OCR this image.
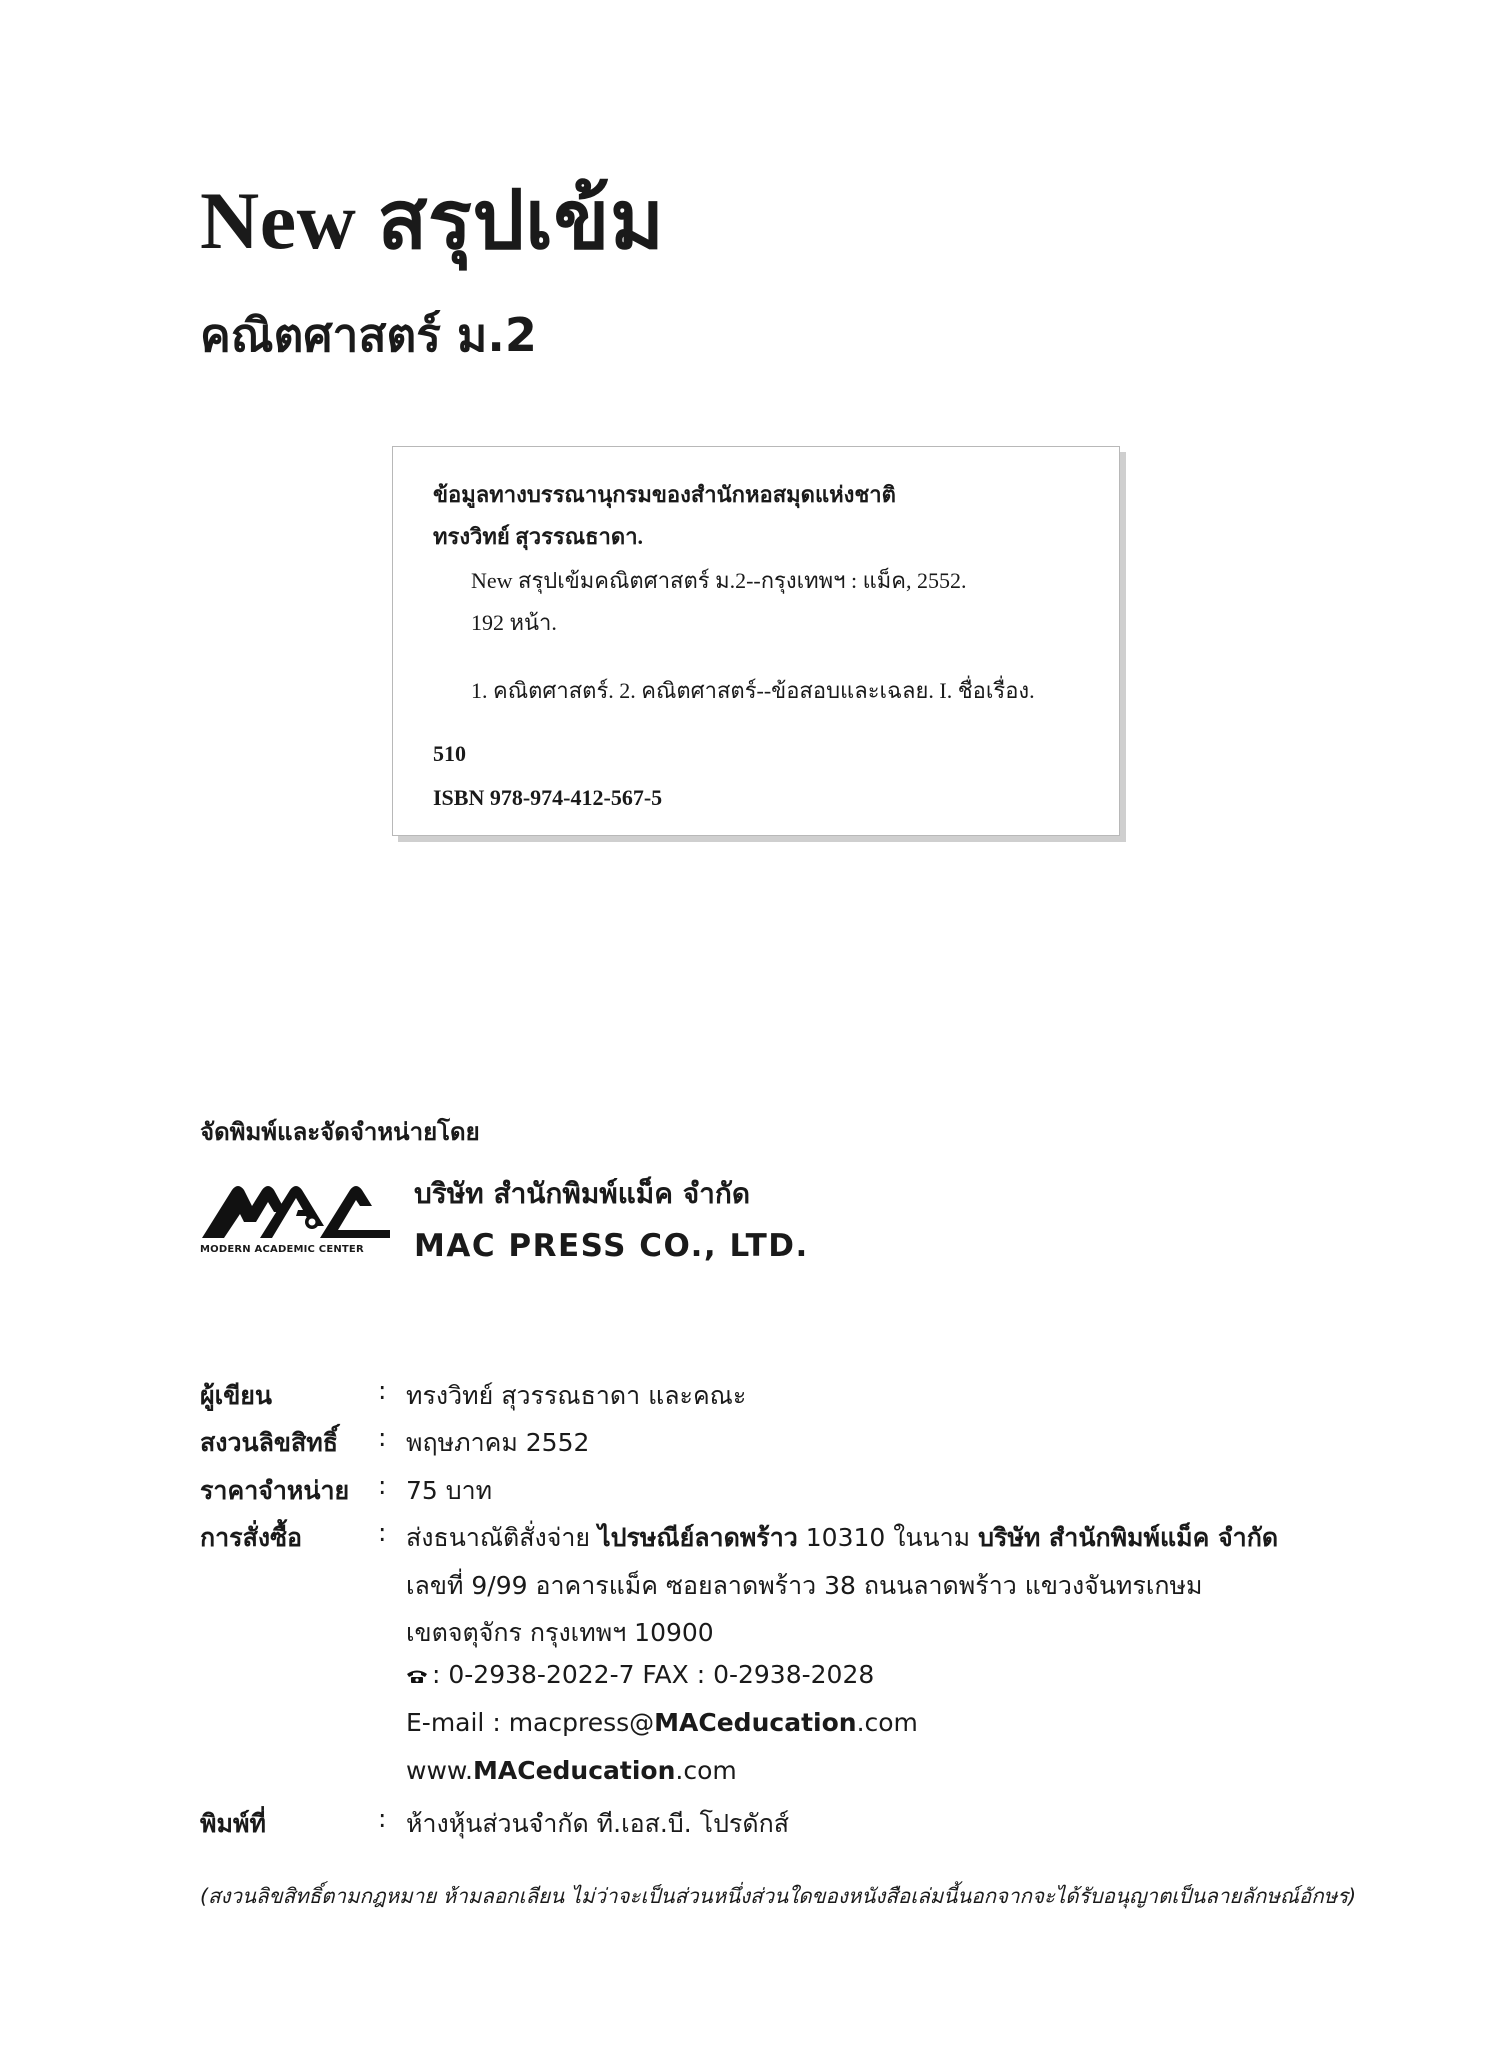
New สรุปเข้ม
คณิตศาสตร์ ม.2
ข้อมูลทางบรรณานุกรมของสำนักหอสมุดแห่งชาติ
ทรงวิทย์ สุวรรณธาดา.
New สรุปเข้มคณิตศาสตร์ ม.2--กรุงเทพฯ : แม็ค, 2552.
192 หน้า.
1. คณิตศาสตร์. 2. คณิตศาสตร์--ข้อสอบและเฉลย. I. ชื่อเรื่อง.
510
ISBN 978-974-412-567-5
จัดพิมพ์และจัดจำหน่ายโดย
MODERN ACADEMIC CENTER
บริษัท สำนักพิมพ์แม็ค จำกัด
MAC PRESS CO., LTD.
ผู้เขียน	: ทรงวิทย์ สุวรรณธาดา และคณะ
สงวนลิขสิทธิ์ : พฤษภาคม 2552
ราคาจำหน่าย : 75 บาท
การสั่งซื้อ	: ส่งธนาณัติสั่งจ่าย ไปรษณีย์ลาดพร้าว 10310 ในนาม บริษัท สำนักพิมพ์แม็ค จำกัด
เลขที่ 9/99 อาคารแม็ค ซอยลาดพร้าว 38 ถนนลาดพร้าว แขวงจันทรเกษม
เขตจตุจักร กรุงเทพฯ 10900
: 0-2938-2022-7 FAX : 0-2938-2028
E-mail : macpress@MACeducation.com
www.MACeducation.com
พิมพ์ที่	: ห้างหุ้นส่วนจำกัด ที.เอส.บี. โปรดักส์
(สงวนลิขสิทธิ์ตามกฎหมาย ห้ามลอกเลียน ไม่ว่าจะเป็นส่วนหนึ่งส่วนใดของหนังสือเล่มนี้นอกจากจะได้รับอนุญาตเป็นลายลักษณ์อักษร)
